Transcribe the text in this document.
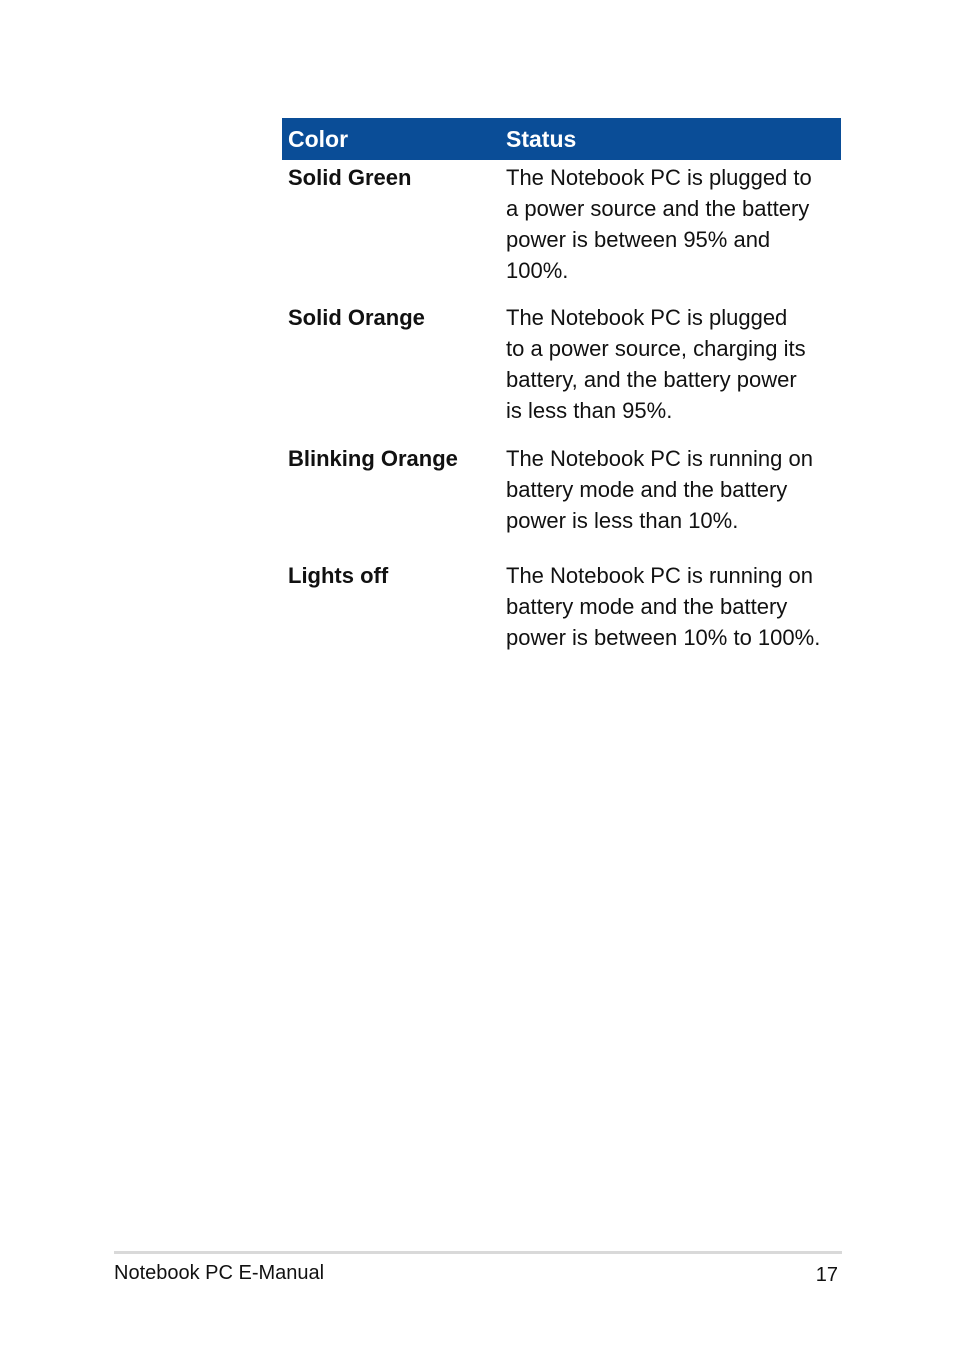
Color	Status
Solid Green	The Notebook PC is plugged to
a power source and the battery
power is between 95% and
100%.
Solid Orange	The Notebook PC is plugged
to a power source, charging its
battery, and the battery power
is less than 95%.
Blinking Orange	The Notebook PC is running on
battery mode and the battery
power is less than 10%.
Lights off	The Notebook PC is running on
battery mode and the battery
power is between 10% to 100%.
Notebook PC E-Manual	17
